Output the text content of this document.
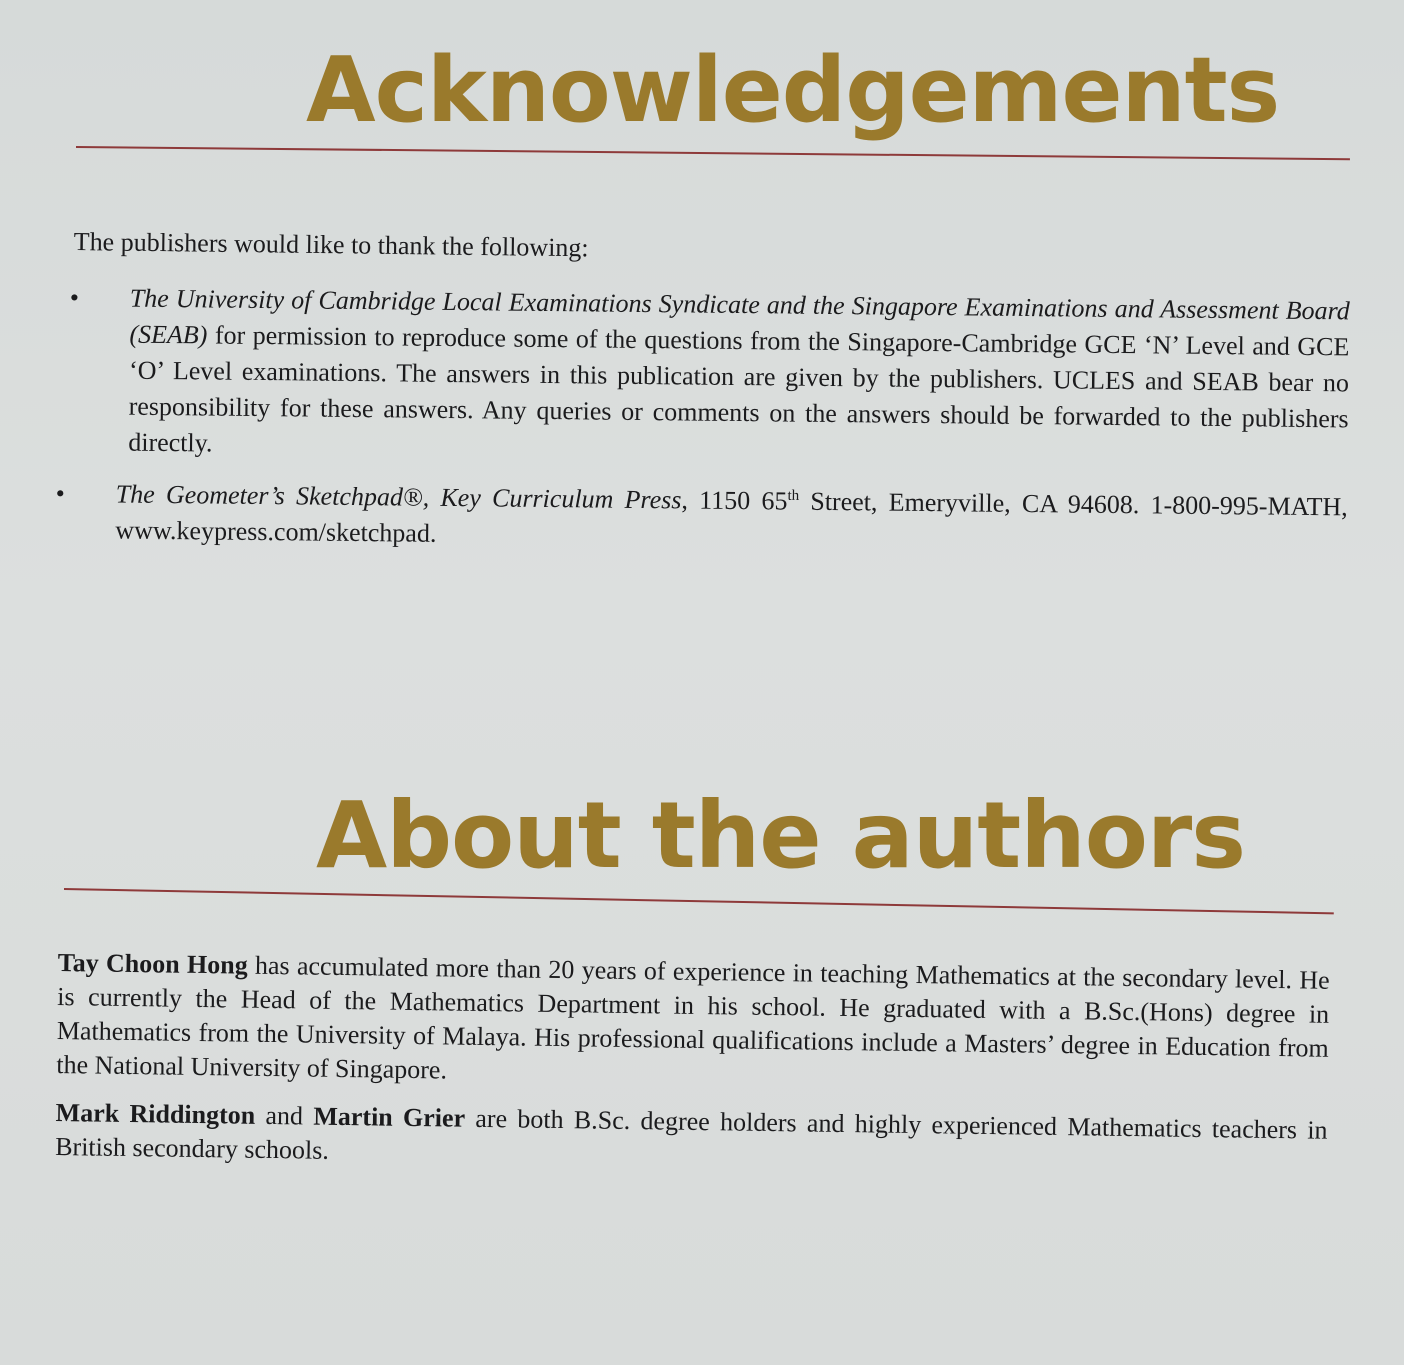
Acknowledgements
The publishers would like to thank the following:
•	The University of Cambridge Local Examinations Syndicate and the Singapore Examinations and Assessment Board (SEAB) for permission to reproduce some of the questions from the Singapore-Cambridge GCE ‘N’ Level and GCE ‘O’ Level examinations. The answers in this publication are given by the publishers. UCLES and SEAB bear no responsibility for these answers. Any queries or comments on the answers should be forwarded to the publishers directly.
•	The Geometer’s Sketchpad®, Key Curriculum Press, 1150 65th Street, Emeryville, CA 94608. 1-800-995-MATH, www.keypress.com/sketchpad.
About the authors

Tay Choon Hong has accumulated more than 20 years of experience in teaching Mathematics at the secondary level. He is currently the Head of the Mathematics Department in his school. He graduated with a B.Sc.(Hons) degree in Mathematics from the University of Malaya. His professional qualifications include a Masters’ degree in Education from the National University of Singapore.

Mark Riddington and Martin Grier are both B.Sc. degree holders and highly experienced Mathematics teachers in British secondary schools.
